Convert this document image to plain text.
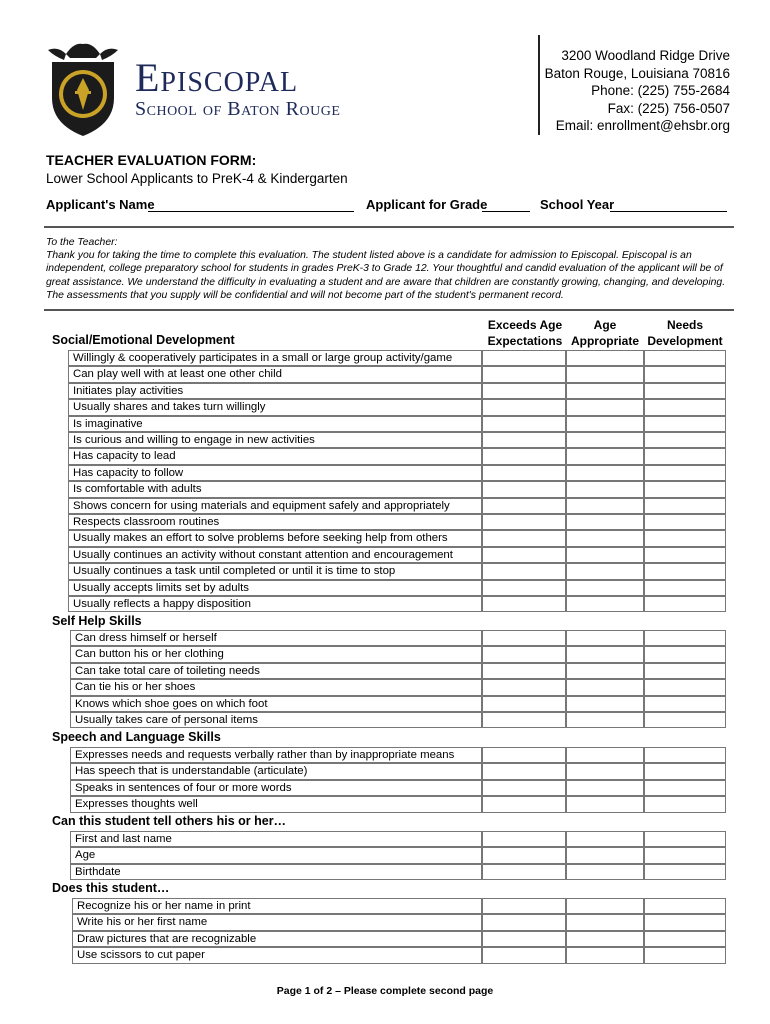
Episcopal
School of Baton Rouge
3200 Woodland Ridge Drive
Baton Rouge, Louisiana 70816
Phone: (225) 755-2684
Fax: (225) 756-0507
Email: enrollment@ehsbr.org
TEACHER EVALUATION FORM:
Lower School Applicants to PreK-4 & Kindergarten
Applicant's Name	Applicant for Grade	School Year
To the Teacher:
Thank you for taking the time to complete this evaluation. The student listed above is a candidate for admission to Episcopal. Episcopal is an independent, college preparatory school for students in grades PreK-3 to Grade 12. Your thoughtful and candid evaluation of the applicant will be of great assistance. We understand the difficulty in evaluating a student and are aware that children are constantly growing, changing, and developing. The assessments that you supply will be confidential and will not become part of the student's permanent record.
Exceeds Age
Expectations
Age
Appropriate
Needs
Development
Social/Emotional Development
Willingly & cooperatively participates in a small or large group activity/game
Can play well with at least one other child
Initiates play activities
Usually shares and takes turn willingly
Is imaginative
Is curious and willing to engage in new activities
Has capacity to lead
Has capacity to follow
Is comfortable with adults
Shows concern for using materials and equipment safely and appropriately
Respects classroom routines
Usually makes an effort to solve problems before seeking help from others
Usually continues an activity without constant attention and encouragement
Usually continues a task until completed or until it is time to stop
Usually accepts limits set by adults
Usually reflects a happy disposition
Self Help Skills
Can dress himself or herself
Can button his or her clothing
Can take total care of toileting needs
Can tie his or her shoes
Knows which shoe goes on which foot
Usually takes care of personal items
Speech and Language Skills
Expresses needs and requests verbally rather than by inappropriate means
Has speech that is understandable (articulate)
Speaks in sentences of four or more words
Expresses thoughts well
Can this student tell others his or her…
First and last name
Age
Birthdate
Does this student…
Recognize his or her name in print
Write his or her first name
Draw pictures that are recognizable
Use scissors to cut paper
Page 1 of 2 – Please complete second page
